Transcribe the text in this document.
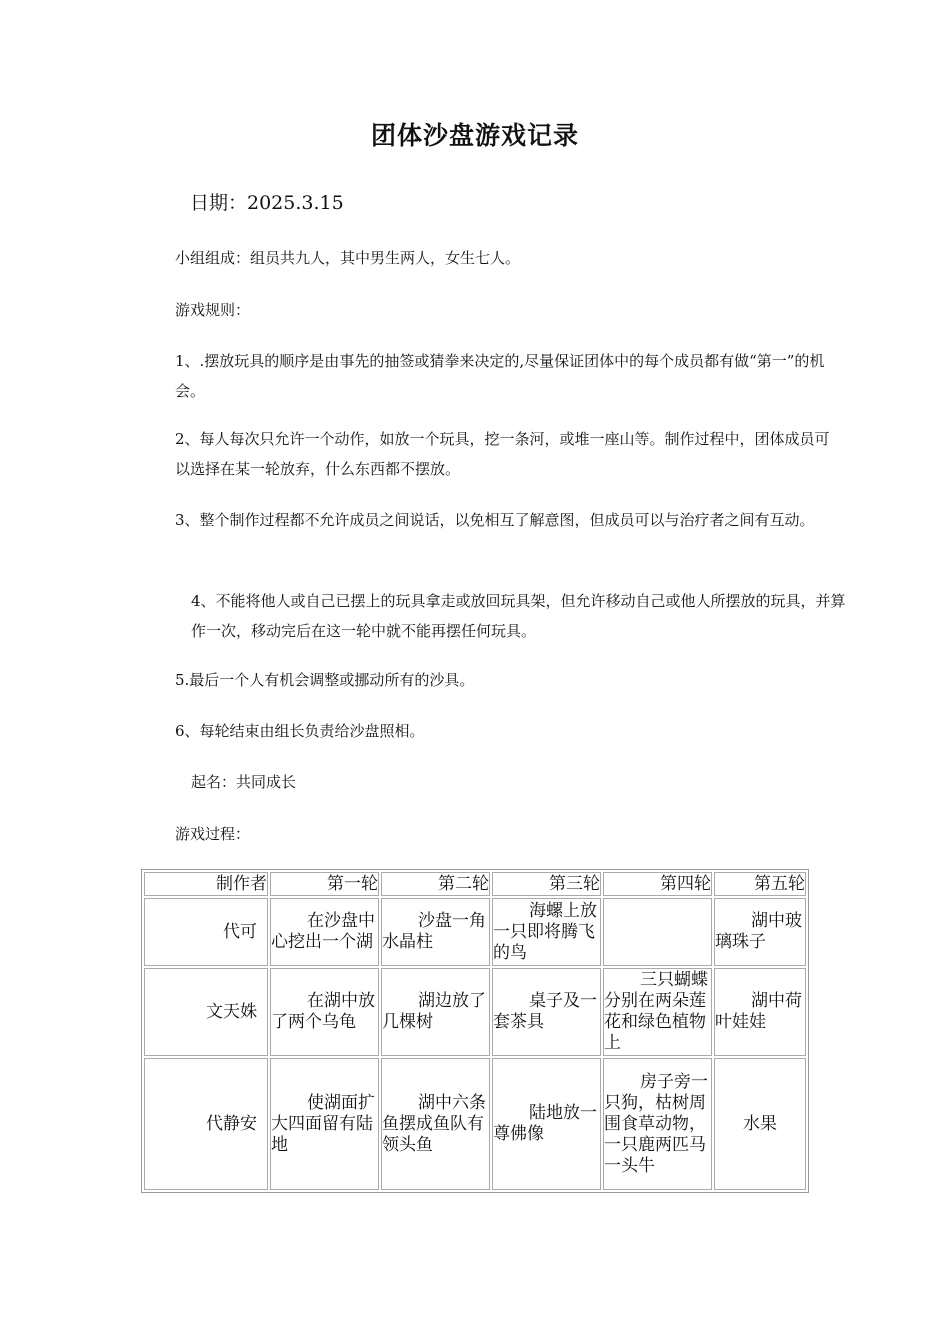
团体沙盘游戏记录
日期：2025.3.15

小组组成：组员共九人，其中男生两人，女生七人。

游戏规则：

1、.摆放玩具的顺序是由事先的抽签或猜拳来决定的,尽量保证团体中的每个成员都有做“第一”的机会。

2、每人每次只允许一个动作，如放一个玩具，挖一条河，或堆一座山等。制作过程中，团体成员可以选择在某一轮放弃，什么东西都不摆放。

3、整个制作过程都不允许成员之间说话，以免相互了解意图，但成员可以与治疗者之间有互动。

4、不能将他人或自己已摆上的玩具拿走或放回玩具架，但允许移动自己或他人所摆放的玩具，并算作一次，移动完后在这一轮中就不能再摆任何玩具。

5.最后一个人有机会调整或挪动所有的沙具。

6、每轮结束由组长负责给沙盘照相。

起名：共同成长

游戏过程：

制作者	第一轮	第二轮	第三轮	第四轮	第五轮
代可	在沙盘中心挖出一个湖	沙盘一角水晶柱	海螺上放一只即将腾飞的鸟		湖中玻璃珠子

文天姝	在湖中放了两个乌龟	湖边放了几棵树	桌子及一套茶具	三只蝴蝶分别在两朵莲花和绿色植物上	湖中荷叶娃娃

代静安	使湖面扩大四面留有陆地	湖中六条鱼摆成鱼队有领头鱼	陆地放一尊佛像	房子旁一只狗，枯树周围食草动物，一只鹿两匹马一头牛	水果
